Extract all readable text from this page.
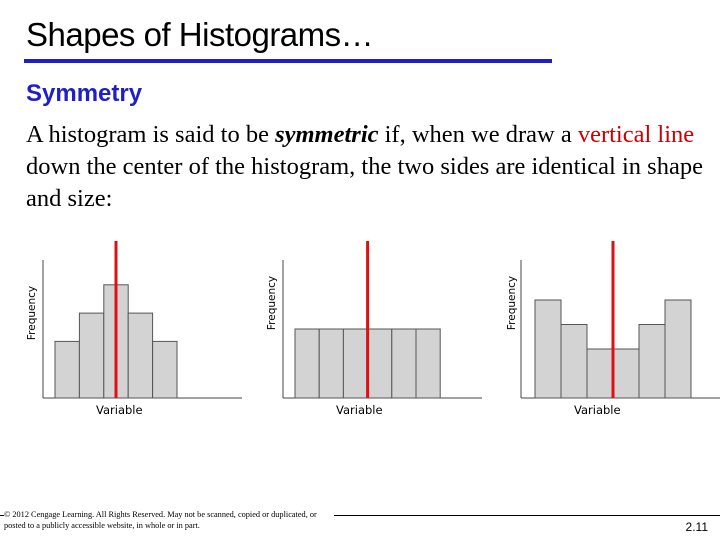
Shapes of Histograms…
Symmetry
A histogram is said to be symmetric if, when we draw a vertical line down the center of the histogram, the two sides are identical in shape and size:
Frequency
Variable
Frequency
Variable
Frequency
Variable
© 2012 Cengage Learning. All Rights Reserved. May not be scanned, copied or duplicated, or posted to a publicly accessible website, in whole or in part.	2.11
